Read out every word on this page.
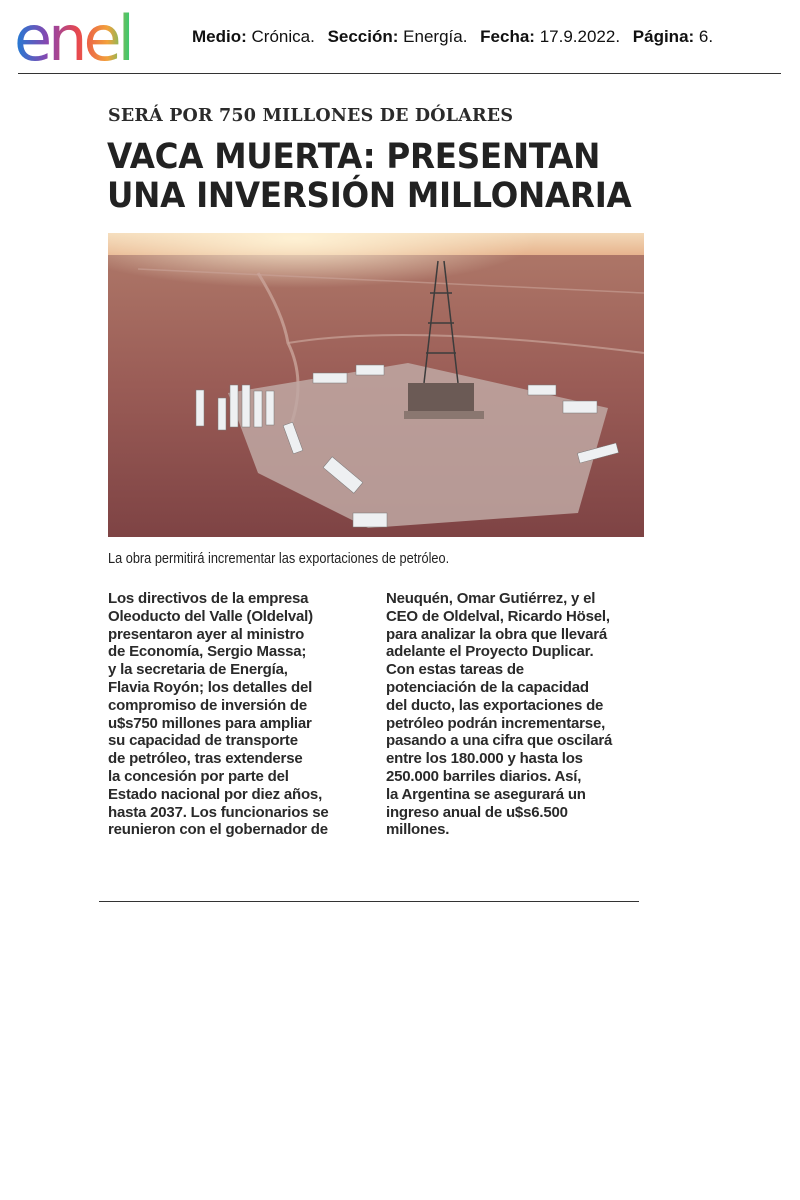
enel	Medio: Crónica. Sección: Energía. Fecha: 17.9.2022. Página: 6.
SERÁ POR 750 MILLONES DE DÓLARES
VACA MUERTA: PRESENTAN
UNA INVERSIÓN MILLONARIA
La obra permitirá incrementar las exportaciones de petróleo.
Los directivos de la empresa
Oleoducto del Valle (Oldelval)
presentaron ayer al ministro
de Economía, Sergio Massa;
y la secretaria de Energía,
Flavia Royón; los detalles del
compromiso de inversión de
u$s750 millones para ampliar
su capacidad de transporte
de petróleo, tras extenderse
la concesión por parte del
Estado nacional por diez años,
hasta 2037. Los funcionarios se
reunieron con el gobernador de
Neuquén, Omar Gutiérrez, y el
CEO de Oldelval, Ricardo Hösel,
para analizar la obra que llevará
adelante el Proyecto Duplicar.
Con estas tareas de
potenciación de la capacidad
del ducto, las exportaciones de
petróleo podrán incrementarse,
pasando a una cifra que oscilará
entre los 180.000 y hasta los
250.000 barriles diarios. Así,
la Argentina se asegurará un
ingreso anual de u$s6.500
millones.
